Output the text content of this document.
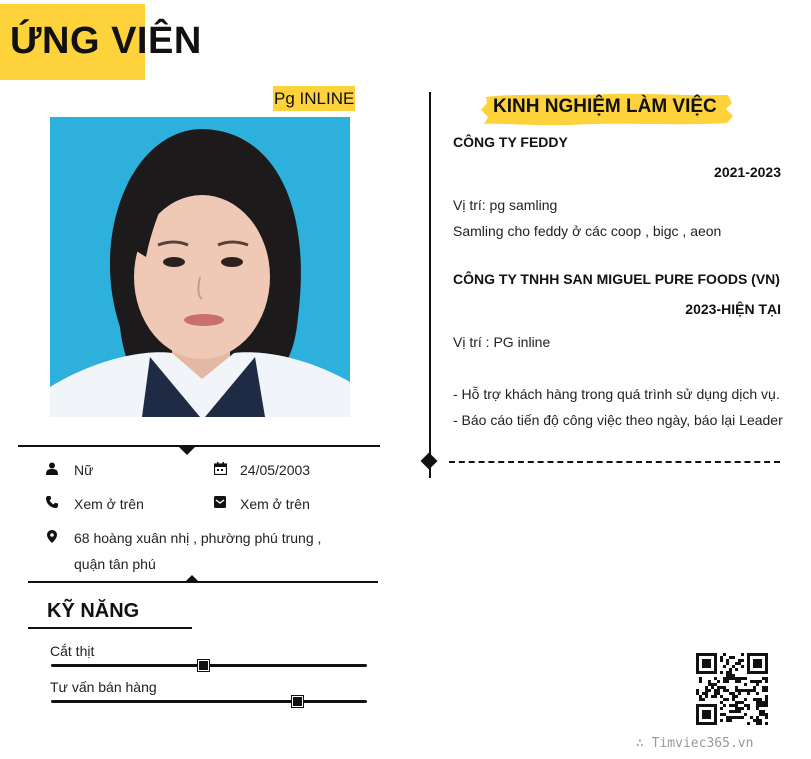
ỨNG VIÊN
Pg INLINE
Nữ	24/05/2003
Xem ở trên	Xem ở trên
68 hoàng xuân nhị , phường phú trung ,
quận tân phú
KỸ NĂNG
Cắt thịt
Tư vấn bán hàng
KINH NGHIỆM LÀM VIỆC
CÔNG TY FEDDY
2021-2023
Vị trí: pg samling
Samling cho feddy ở các coop , bigc , aeon
CÔNG TY TNHH SAN MIGUEL PURE FOODS (VN)
2023-HIỆN TẠI
Vị trí : PG inline
- Hỗ trợ khách hàng trong quá trình sử dụng dịch vụ.
- Báo cáo tiến độ công việc theo ngày, báo lại Leader
∴ Timviec365.vn
